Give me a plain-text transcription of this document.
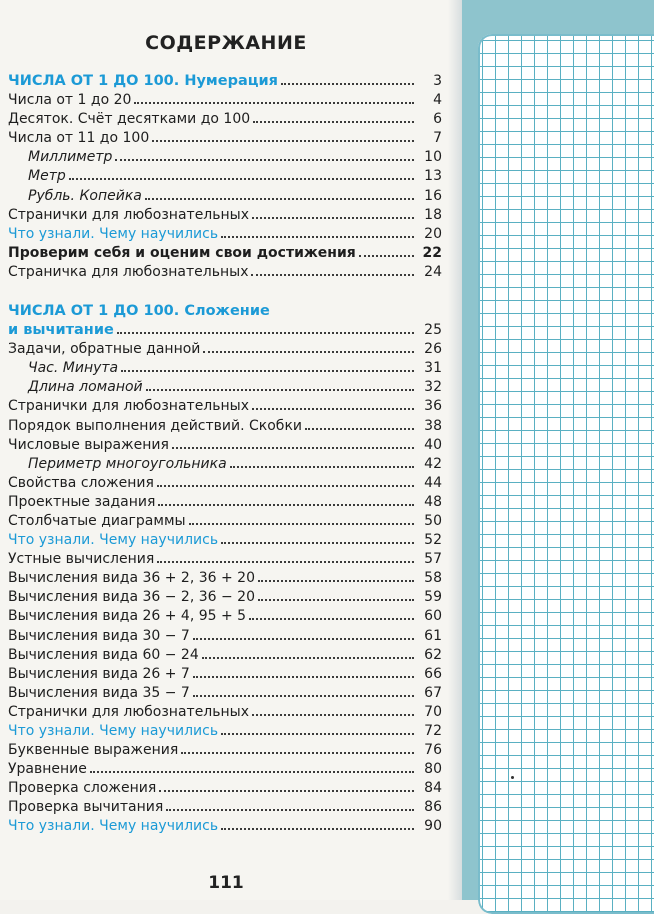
СОДЕРЖАНИЕ
ЧИСЛА ОТ 1 ДО 100. Нумерация	3
Числа от 1 до 20	4
Десяток. Счёт десятками до 100	6
Числа от 11 до 100	7
Миллиметр	10
Метр	13
Рубль. Копейка	16
Странички для любознательных	18
Что узнали. Чему научились	20
Проверим себя и оценим свои достижения	22
Страничка для любознательных	24
ЧИСЛА ОТ 1 ДО 100. Сложение
и вычитание	25
Задачи, обратные данной	26
Час. Минута	31
Длина ломаной	32
Странички для любознательных	36
Порядок выполнения действий. Скобки	38
Числовые выражения	40
Периметр многоугольника	42
Свойства сложения	44
Проектные задания	48
Столбчатые диаграммы	50
Что узнали. Чему научились	52
Устные вычисления	57
Вычисления вида 36 + 2, 36 + 20	58
Вычисления вида 36 − 2, 36 − 20	59
Вычисления вида 26 + 4, 95 + 5	60
Вычисления вида 30 − 7	61
Вычисления вида 60 − 24	62
Вычисления вида 26 + 7	66
Вычисления вида 35 − 7	67
Странички для любознательных	70
Что узнали. Чему научились	72
Буквенные выражения	76
Уравнение	80
Проверка сложения	84
Проверка вычитания	86
Что узнали. Чему научились	90
111
